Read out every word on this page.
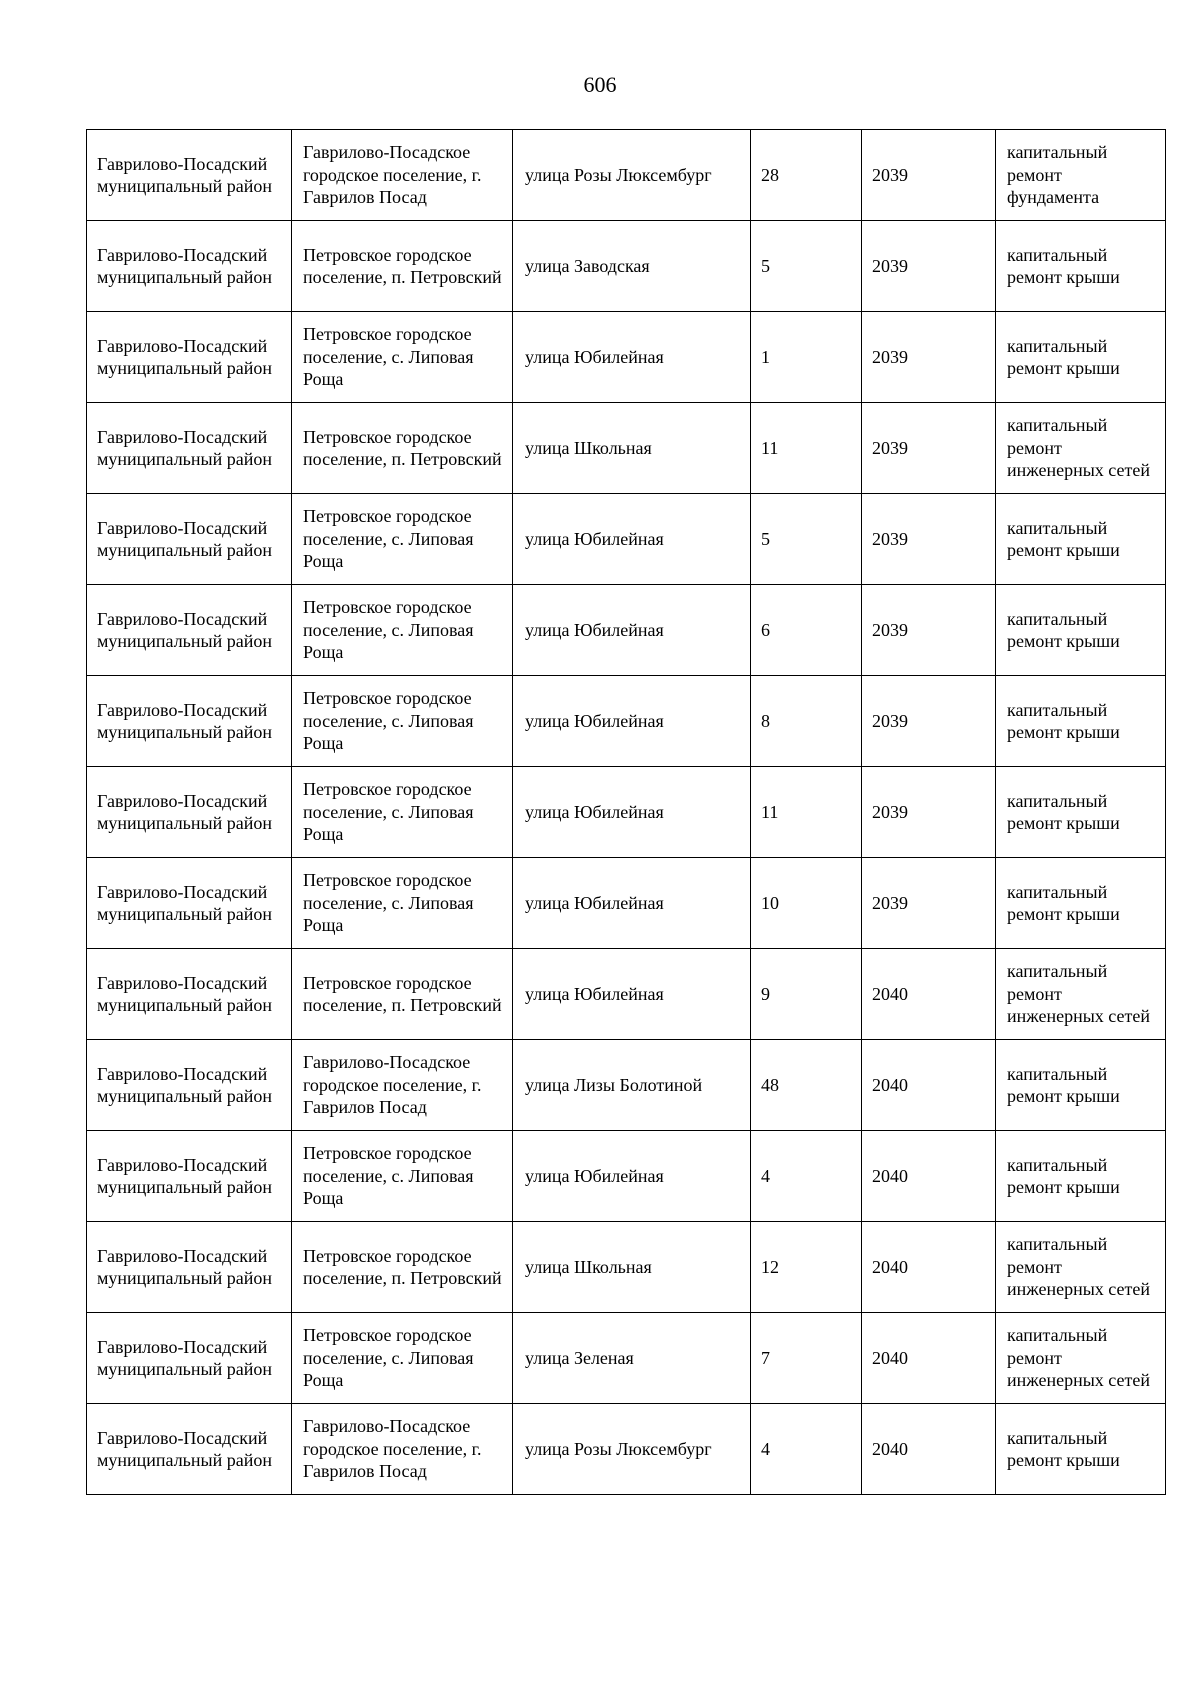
606
Гаврилово-Посадский муниципальный район	Гаврилово-Посадское городское поселение, г. Гаврилов Посад	улица Розы Люксембург	28	2039	капитальный ремонт фундамента
Гаврилово-Посадский муниципальный район	Петровское городское поселение, п. Петровский	улица Заводская	5	2039	капитальный ремонт крыши
Гаврилово-Посадский муниципальный район	Петровское городское поселение, с. Липовая Роща	улица Юбилейная	1	2039	капитальный ремонт крыши
Гаврилово-Посадский муниципальный район	Петровское городское поселение, п. Петровский	улица Школьная	11	2039	капитальный ремонт инженерных сетей
Гаврилово-Посадский муниципальный район	Петровское городское поселение, с. Липовая Роща	улица Юбилейная	5	2039	капитальный ремонт крыши
Гаврилово-Посадский муниципальный район	Петровское городское поселение, с. Липовая Роща	улица Юбилейная	6	2039	капитальный ремонт крыши
Гаврилово-Посадский муниципальный район	Петровское городское поселение, с. Липовая Роща	улица Юбилейная	8	2039	капитальный ремонт крыши
Гаврилово-Посадский муниципальный район	Петровское городское поселение, с. Липовая Роща	улица Юбилейная	11	2039	капитальный ремонт крыши
Гаврилово-Посадский муниципальный район	Петровское городское поселение, с. Липовая Роща	улица Юбилейная	10	2039	капитальный ремонт крыши
Гаврилово-Посадский муниципальный район	Петровское городское поселение, п. Петровский	улица Юбилейная	9	2040	капитальный ремонт инженерных сетей
Гаврилово-Посадский муниципальный район	Гаврилово-Посадское городское поселение, г. Гаврилов Посад	улица Лизы Болотиной	48	2040	капитальный ремонт крыши
Гаврилово-Посадский муниципальный район	Петровское городское поселение, с. Липовая Роща	улица Юбилейная	4	2040	капитальный ремонт крыши
Гаврилово-Посадский муниципальный район	Петровское городское поселение, п. Петровский	улица Школьная	12	2040	капитальный ремонт инженерных сетей
Гаврилово-Посадский муниципальный район	Петровское городское поселение, с. Липовая Роща	улица Зеленая	7	2040	капитальный ремонт инженерных сетей
Гаврилово-Посадский муниципальный район	Гаврилово-Посадское городское поселение, г. Гаврилов Посад	улица Розы Люксембург	4	2040	капитальный ремонт крыши
